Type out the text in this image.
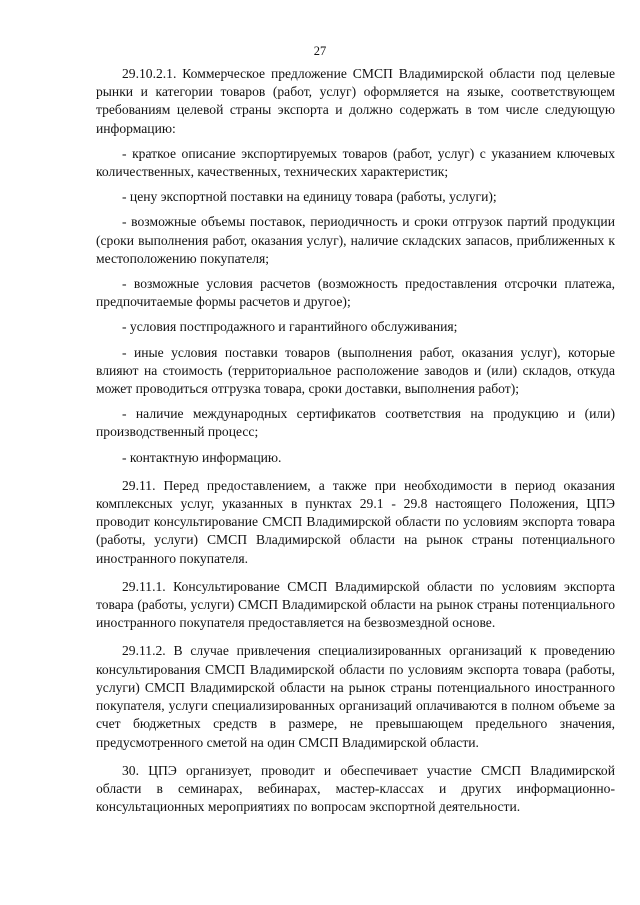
27

29.10.2.1. Коммерческое предложение СМСП Владимирской области под целевые рынки и категории товаров (работ, услуг) оформляется на языке, соответствующем требованиям целевой страны экспорта и должно содержать в том числе следующую информацию:

- краткое описание экспортируемых товаров (работ, услуг) с указанием ключевых количественных, качественных, технических характеристик;

- цену экспортной поставки на единицу товара (работы, услуги);

- возможные объемы поставок, периодичность и сроки отгрузок партий продукции (сроки выполнения работ, оказания услуг), наличие складских запасов, приближенных к местоположению покупателя;

- возможные условия расчетов (возможность предоставления отсрочки платежа, предпочитаемые формы расчетов и другое);

- условия постпродажного и гарантийного обслуживания;

- иные условия поставки товаров (выполнения работ, оказания услуг), которые влияют на стоимость (территориальное расположение заводов и (или) складов, откуда может проводиться отгрузка товара, сроки доставки, выполнения работ);

- наличие международных сертификатов соответствия на продукцию и (или) производственный процесс;

- контактную информацию.

29.11. Перед предоставлением, а также при необходимости в период оказания комплексных услуг, указанных в пунктах 29.1 - 29.8 настоящего Положения, ЦПЭ проводит консультирование СМСП Владимирской области по условиям экспорта товара (работы, услуги) СМСП Владимирской области на рынок страны потенциального иностранного покупателя.

29.11.1. Консультирование СМСП Владимирской области по условиям экспорта товара (работы, услуги) СМСП Владимирской области на рынок страны потенциального иностранного покупателя предоставляется на безвозмездной основе.

29.11.2. В случае привлечения специализированных организаций к проведению консультирования СМСП Владимирской области по условиям экспорта товара (работы, услуги) СМСП Владимирской области на рынок страны потенциального иностранного покупателя, услуги специализированных организаций оплачиваются в полном объеме за счет бюджетных средств в размере, не превышающем предельного значения, предусмотренного сметой на один СМСП Владимирской области.

30. ЦПЭ организует, проводит и обеспечивает участие СМСП Владимирской области в семинарах, вебинарах, мастер-классах и других информационно-консультационных мероприятиях по вопросам экспортной деятельности.
